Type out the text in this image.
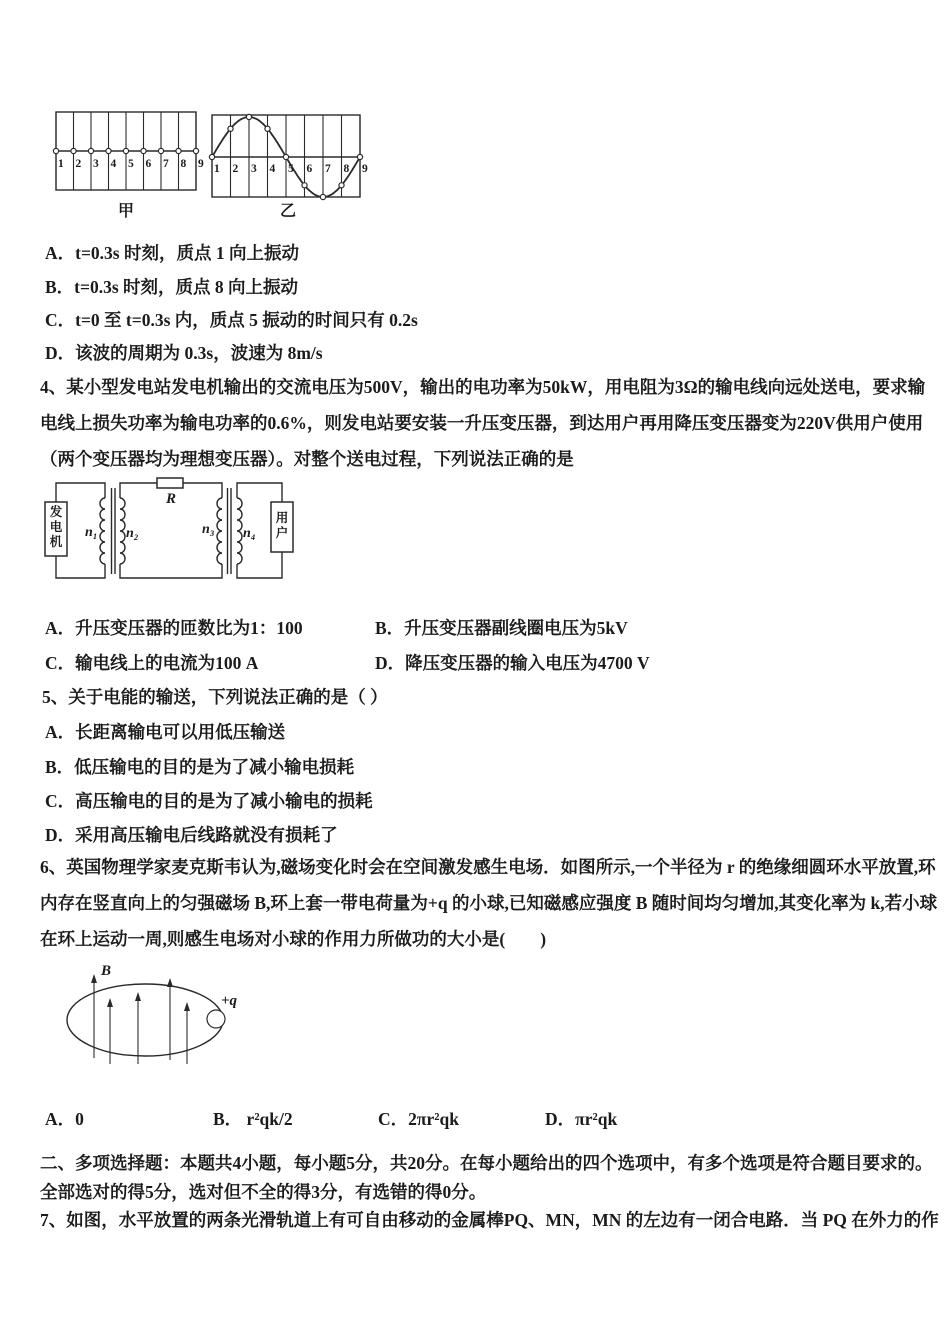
1 2 3 4 5 6 7 8 9
甲
1 2 3 4 5 6 7 8 9
乙
A．t=0.3s 时刻，质点 1 向上振动
B．t=0.3s 时刻，质点 8 向上振动
C．t=0 至 t=0.3s 内，质点 5 振动的时间只有 0.2s
D．该波的周期为 0.3s，波速为 8m/s
4、某小型发电站发电机输出的交流电压为500V，输出的电功率为50kW，用电阻为3Ω的输电线向远处送电，要求输
电线上损失功率为输电功率的0.6%，则发电站要安装一升压变压器，到达用户再用降压变压器变为220V供用户使用
（两个变压器均为理想变压器）。对整个送电过程，下列说法正确的是
发电机
n₁ n₂
R
n₃ n₄
用户
A．升压变压器的匝数比为1：100	B．升压变压器副线圈电压为5kV
C．输电线上的电流为100 A	D．降压变压器的输入电压为4700 V
5、关于电能的输送，下列说法正确的是（ ）
A．长距离输电可以用低压输送
B．低压输电的目的是为了减小输电损耗
C．高压输电的目的是为了减小输电的损耗
D．采用高压输电后线路就没有损耗了
6、英国物理学家麦克斯韦认为,磁场变化时会在空间激发感生电场．如图所示,一个半径为 r 的绝缘细圆环水平放置,环
内存在竖直向上的匀强磁场 B,环上套一带电荷量为+q 的小球,已知磁感应强度 B 随时间均匀增加,其变化率为 k,若小球
在环上运动一周,则感生电场对小球的作用力所做功的大小是(　　)
B
+q
A．0	B． r²qk/2	C．2πr²qk	D．πr²qk
二、多项选择题：本题共4小题，每小题5分，共20分。在每小题给出的四个选项中，有多个选项是符合题目要求的。
全部选对的得5分，选对但不全的得3分，有选错的得0分。
7、如图，水平放置的两条光滑轨道上有可自由移动的金属棒PQ、MN，MN 的左边有一闭合电路．当 PQ 在外力的作
